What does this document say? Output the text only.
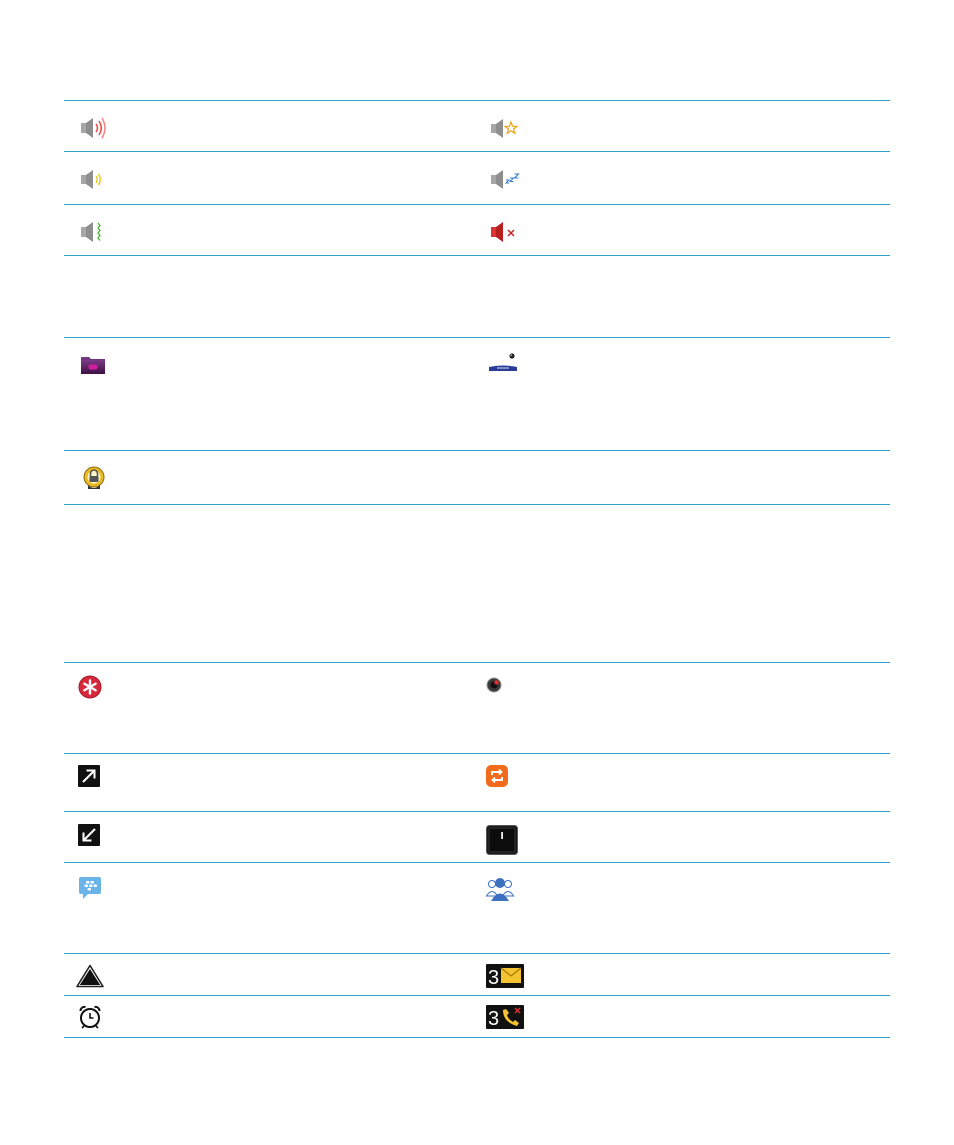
3
3
